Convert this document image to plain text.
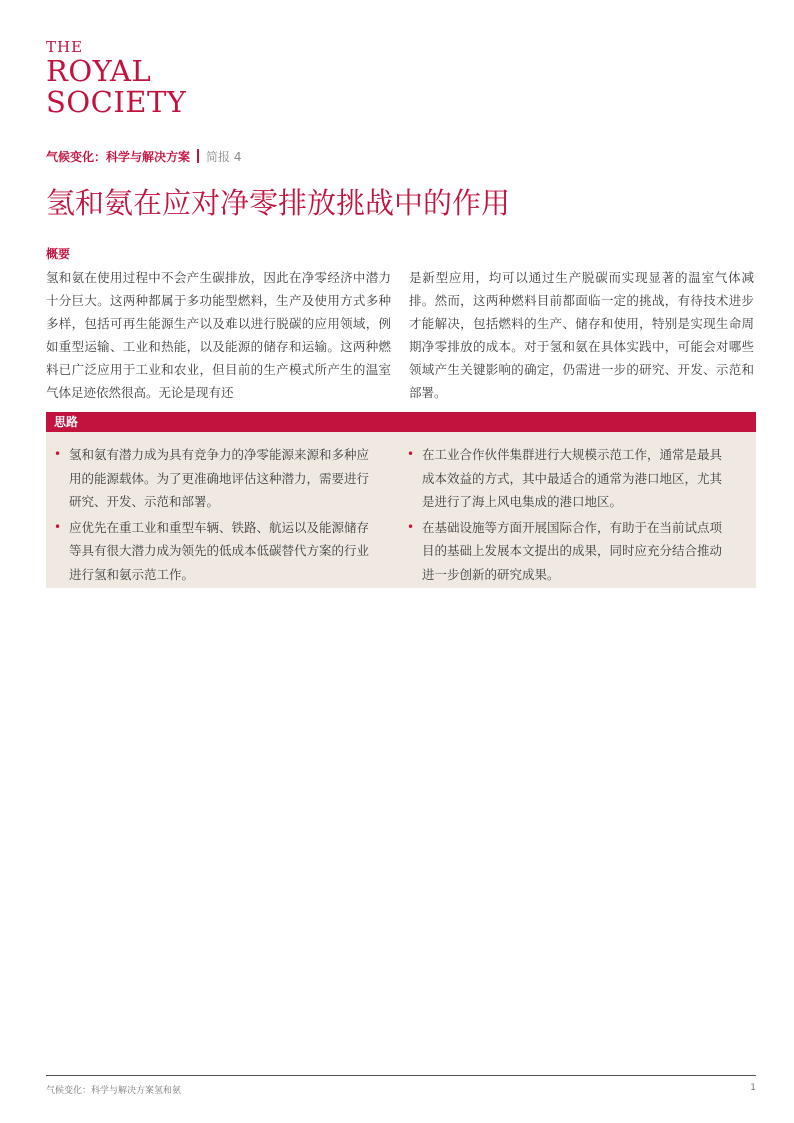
THE
ROYAL
SOCIETY
气候变化：科学与解决方案 简报 4
氢和氨在应对净零排放挑战中的作用
概要

氢和氨在使用过程中不会产生碳排放，因此在净零经济中潜力十分巨大。这两种都属于多功能型燃料，生产及使用方式多种多样，包括可再生能源生产以及难以进行脱碳的应用领域，例如重型运输、工业和热能，以及能源的储存和运输。这两种燃料已广泛应用于工业和农业，但目前的生产模式所产生的温室气体足迹依然很高。无论是现有还

是新型应用，均可以通过生产脱碳而实现显著的温室气体减排。然而，这两种燃料目前都面临一定的挑战，有待技术进步才能解决，包括燃料的生产、储存和使用，特别是实现生命周期净零排放的成本。对于氢和氨在具体实践中，可能会对哪些领域产生关键影响的确定，仍需进一步的研究、开发、示范和部署。

思路
• 氢和氨有潜力成为具有竞争力的净零能源来源和多种应用的能源载体。为了更准确地评估这种潜力，需要进行研究、开发、示范和部署。
• 应优先在重工业和重型车辆、铁路、航运以及能源储存等具有很大潜力成为领先的低成本低碳替代方案的行业进行氢和氨示范工作。
• 在工业合作伙伴集群进行大规模示范工作，通常是最具成本效益的方式，其中最适合的通常为港口地区，尤其是进行了海上风电集成的港口地区。
• 在基础设施等方面开展国际合作，有助于在当前试点项目的基础上发展本文提出的成果，同时应充分结合推动进一步创新的研究成果。
气候变化：科学与解决方案氢和氨	1
